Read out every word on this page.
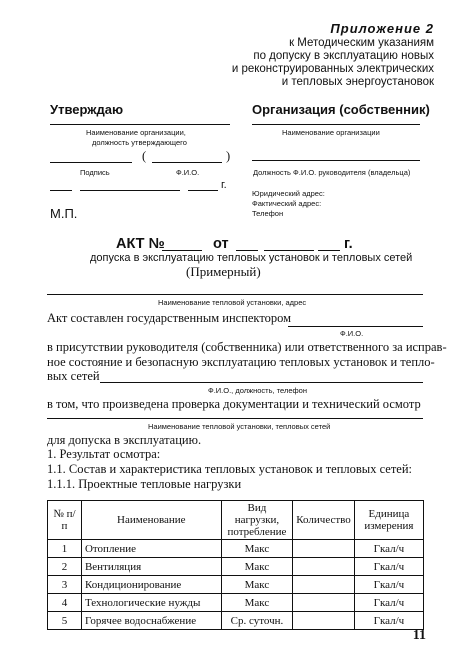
Приложение 2
к Методическим указаниям
по допуску в эксплуатацию новых
и реконструированных электрических
и тепловых энергоустановок
Утверждаю
Наименование организации,
должность утверждающего
(	)
Подпись	Ф.И.О.
г.
М.П.
Организация (собственник)
Наименование организации
Должность Ф.И.О. руководителя (владельца)
Юридический адрес:
Фактический адрес:
Телефон
АКТ №	от	г.
допуска в эксплуатацию тепловых установок и тепловых сетей
(Примерный)
Наименование тепловой установки, адрес
Акт составлен государственным инспектором
Ф.И.О.
в присутствии руководителя (собственника) или ответственного за исправ-
ное состояние и безопасную эксплуатацию тепловых установок и тепло-
вых сетей
Ф.И.О., должность, телефон
в том, что произведена проверка документации и технический осмотр
Наименование тепловой установки, тепловых сетей
для допуска в эксплуатацию.
1. Результат осмотра:
1.1. Состав и характеристика тепловых установок и тепловых сетей:
1.1.1. Проектные тепловые нагрузки
№ п/п	Наименование	Вид нагрузки, потребление	Количество	Единица измерения
1	Отопление	Макс		Гкал/ч
2	Вентиляция	Макс		Гкал/ч
3	Кондиционирование	Макс		Гкал/ч
4	Технологические нужды	Макс		Гкал/ч
5	Горячее водоснабжение	Ср. суточн.		Гкал/ч
11
